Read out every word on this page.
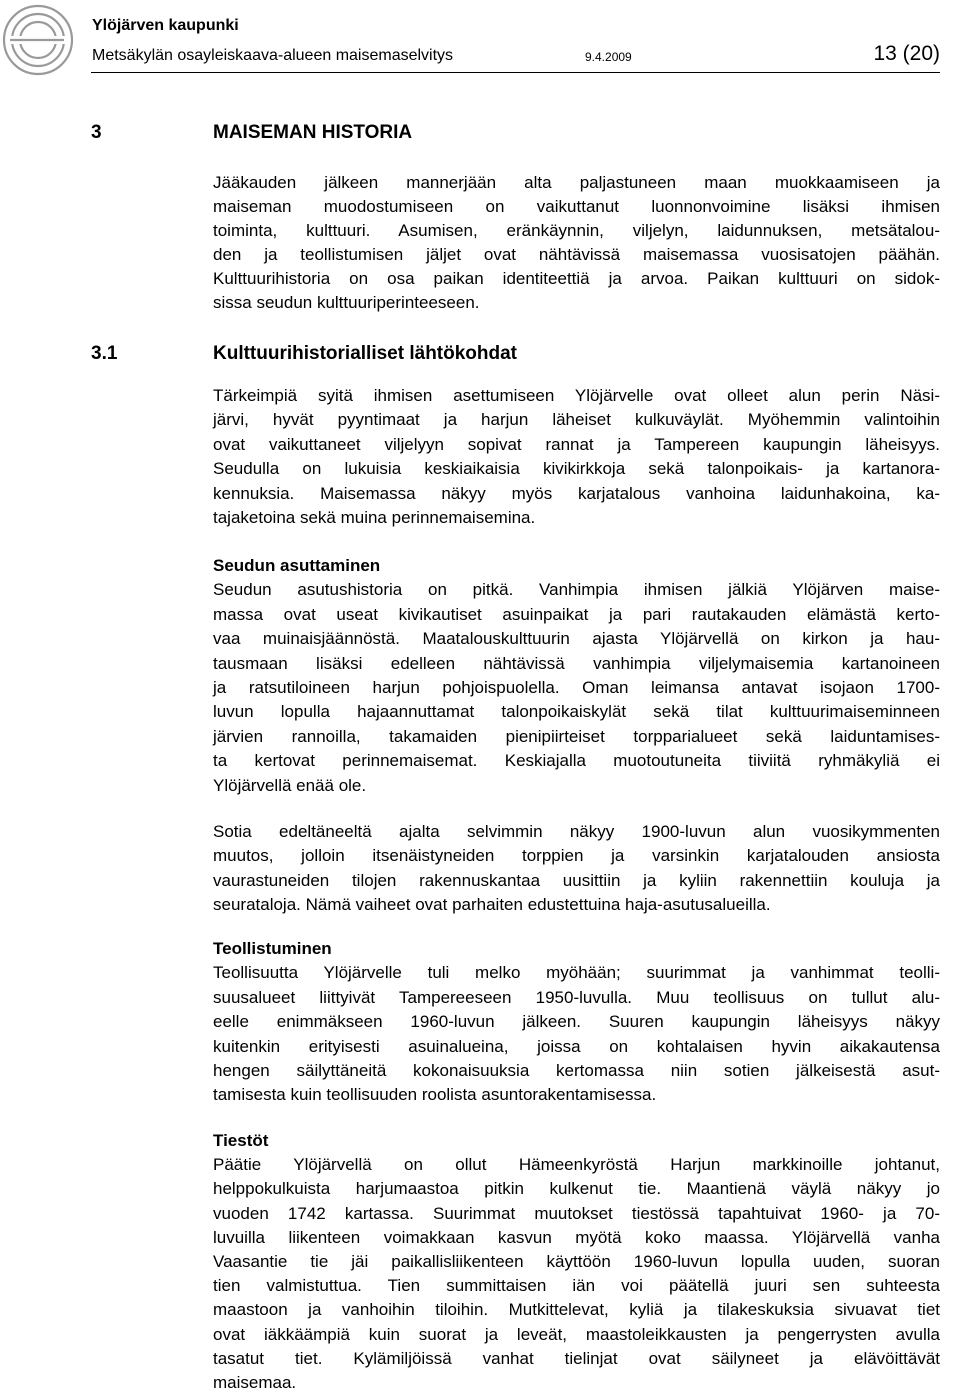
Ylöjärven kaupunki
Metsäkylän osayleiskaava-alueen maisemaselvitys	9.4.2009	13 (20)
3	MAISEMAN HISTORIA
Jääkauden jälkeen mannerjään alta paljastuneen maan muokkaamiseen ja
maiseman muodostumiseen on vaikuttanut luonnonvoimine lisäksi ihmisen
toiminta, kulttuuri. Asumisen, eränkäynnin, viljelyn, laidunnuksen, metsätalou-
den ja teollistumisen jäljet ovat nähtävissä maisemassa vuosisatojen päähän.
Kulttuurihistoria on osa paikan identiteettiä ja arvoa. Paikan kulttuuri on sidok-
sissa seudun kulttuuriperinteeseen.
3.1	Kulttuurihistorialliset lähtökohdat
Tärkeimpiä syitä ihmisen asettumiseen Ylöjärvelle ovat olleet alun perin Näsi-
järvi, hyvät pyyntimaat ja harjun läheiset kulkuväylät. Myöhemmin valintoihin
ovat vaikuttaneet viljelyyn sopivat rannat ja Tampereen kaupungin läheisyys.
Seudulla on lukuisia keskiaikaisia kivikirkkoja sekä talonpoikais- ja kartanora-
kennuksia. Maisemassa näkyy myös karjatalous vanhoina laidunhakoina, ka-
tajaketoina sekä muina perinnemaisemina.
Seudun asuttaminen
Seudun asutushistoria on pitkä. Vanhimpia ihmisen jälkiä Ylöjärven maise-
massa ovat useat kivikautiset asuinpaikat ja pari rautakauden elämästä kerto-
vaa muinaisjäännöstä. Maatalouskulttuurin ajasta Ylöjärvellä on kirkon ja hau-
tausmaan lisäksi edelleen nähtävissä vanhimpia viljelymaisemia kartanoineen
ja ratsutiloineen harjun pohjoispuolella. Oman leimansa antavat isojaon 1700-
luvun lopulla hajaannuttamat talonpoikaiskylät sekä tilat kulttuurimaiseminneen
järvien rannoilla, takamaiden pienipiirteiset torpparialueet sekä laiduntamises-
ta kertovat perinnemaisemat. Keskiajalla muotoutuneita tiiviitä ryhmäkyliä ei
Ylöjärvellä enää ole.
Sotia edeltäneeltä ajalta selvimmin näkyy 1900-luvun alun vuosikymmenten
muutos, jolloin itsenäistyneiden torppien ja varsinkin karjatalouden ansiosta
vaurastuneiden tilojen rakennuskantaa uusittiin ja kyliin rakennettiin kouluja ja
seurataloja. Nämä vaiheet ovat parhaiten edustettuina haja-asutusalueilla.
Teollistuminen
Teollisuutta Ylöjärvelle tuli melko myöhään; suurimmat ja vanhimmat teolli-
suusalueet liittyivät Tampereeseen 1950-luvulla. Muu teollisuus on tullut alu-
eelle enimmäkseen 1960-luvun jälkeen. Suuren kaupungin läheisyys näkyy
kuitenkin erityisesti asuinalueina, joissa on kohtalaisen hyvin aikakautensa
hengen säilyttäneitä kokonaisuuksia kertomassa niin sotien jälkeisestä asut-
tamisesta kuin teollisuuden roolista asuntorakentamisessa.
Tiestöt
Päätie Ylöjärvellä on ollut Hämeenkyröstä Harjun markkinoille johtanut,
helppokulkuista harjumaastoa pitkin kulkenut tie. Maantienä väylä näkyy jo
vuoden 1742 kartassa. Suurimmat muutokset tiestössä tapahtuivat 1960- ja 70-
luvuilla liikenteen voimakkaan kasvun myötä koko maassa. Ylöjärvellä vanha
Vaasantie tie jäi paikallisliikenteen käyttöön 1960-luvun lopulla uuden, suoran
tien valmistuttua. Tien summittaisen iän voi päätellä juuri sen suhteesta
maastoon ja vanhoihin tiloihin. Mutkittelevat, kyliä ja tilakeskuksia sivuavat tiet
ovat iäkkäämpiä kuin suorat ja leveät, maastoleikkausten ja pengerrysten avulla
tasatut tiet. Kylämiljöissä vanhat tielinjat ovat säilyneet ja elävöittävät
maisemaa.
